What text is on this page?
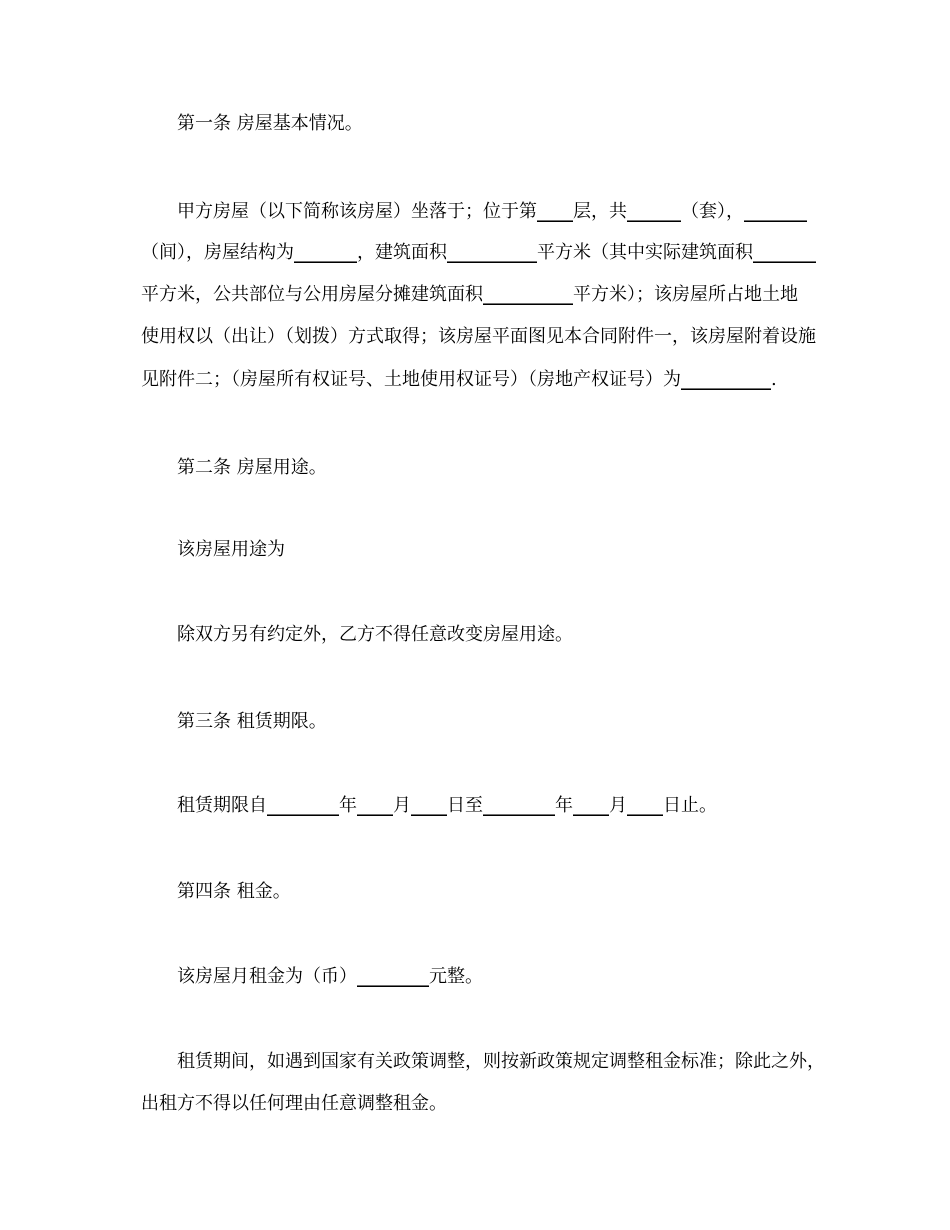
第一条 房屋基本情况。
甲方房屋（以下简称该房屋）坐落于；位于第____层，共______（套），_______
（间），房屋结构为_______，建筑面积__________平方米（其中实际建筑面积_______
平方米，公共部位与公用房屋分摊建筑面积__________平方米）；该房屋所占地土地
使用权以（出让）（划拨）方式取得；该房屋平面图见本合同附件一，该房屋附着设施
见附件二；（房屋所有权证号、土地使用权证号）（房地产权证号）为__________.
第二条 房屋用途。
该房屋用途为
除双方另有约定外，乙方不得任意改变房屋用途。
第三条 租赁期限。
租赁期限自________年____月____日至________年____月____日止。
第四条 租金。
该房屋月租金为（币）________元整。
租赁期间，如遇到国家有关政策调整，则按新政策规定调整租金标准；除此之外，
出租方不得以任何理由任意调整租金。
